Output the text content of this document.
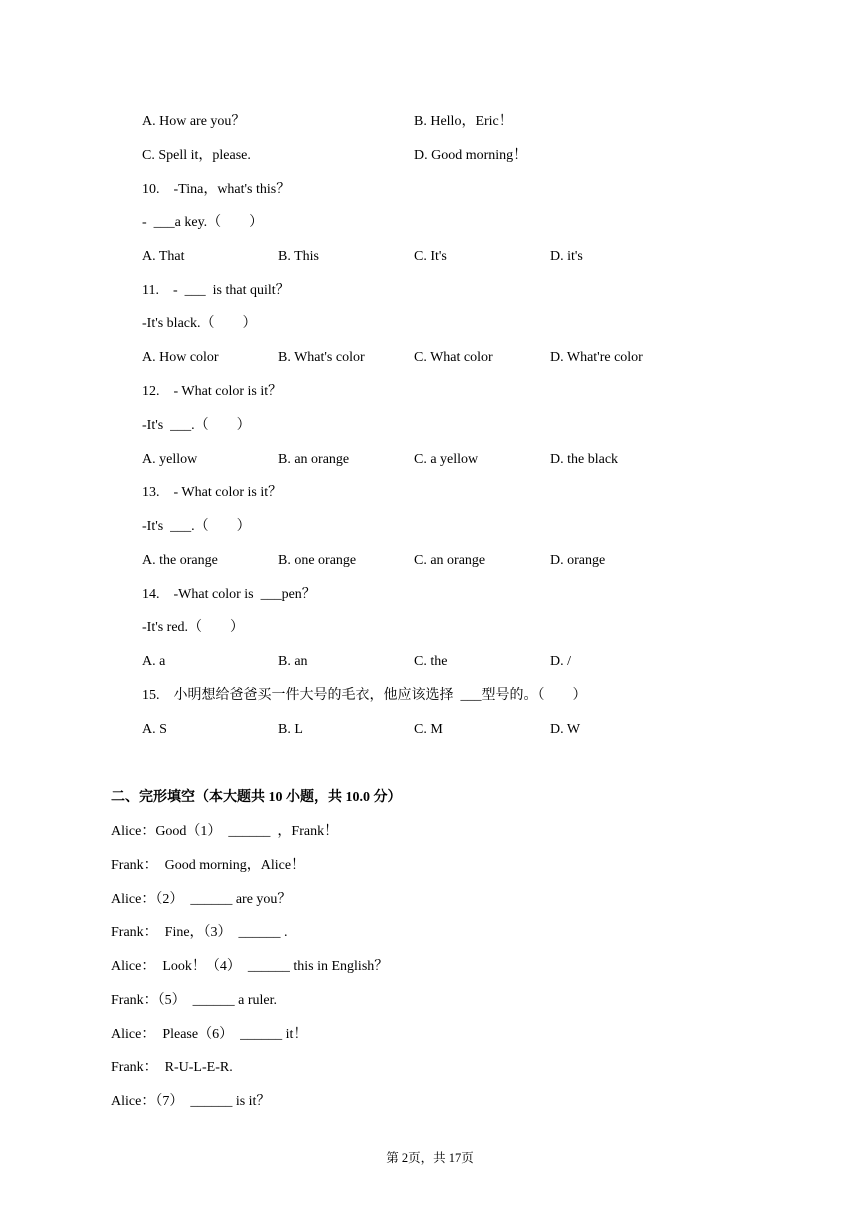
A. How are you？	B. Hello，Eric！
C. Spell it，please.	D. Good morning！
10.    -Tina，what's this？
-  ___a key.（        ）
A. That	B. This	C. It's	D. it's
11.    -  ___  is that quilt？
-It's black.（        ）
A. How color	B. What's color	C. What color	D. What're color
12.    - What color is it？
-It's  ___.（        ）
A. yellow	B. an orange	C. a yellow	D. the black
13.    - What color is it？
-It's  ___.（        ）
A. the orange	B. one orange	C. an orange	D. orange
14.    -What color is  ___pen？
-It's red.（        ）
A. a	B. an	C. the	D. /
15.    小明想给爸爸买一件大号的毛衣，他应该选择  ___型号的。（        ）
A. S	B. L	C. M	D. W
二、完形填空（本大题共 10 小题，共 10.0 分）
Alice：Good（1）  ______  ，Frank！
Frank：  Good morning，Alice！
Alice：（2）  ______ are you？
Frank：  Fine，（3）  ______ .
Alice：  Look！（4）  ______ this in English？
Frank：（5）  ______ a ruler.
Alice：  Please（6）  ______ it！
Frank：  R-U-L-E-R.
Alice：（7）  ______ is it？
第 2页，共 17页
